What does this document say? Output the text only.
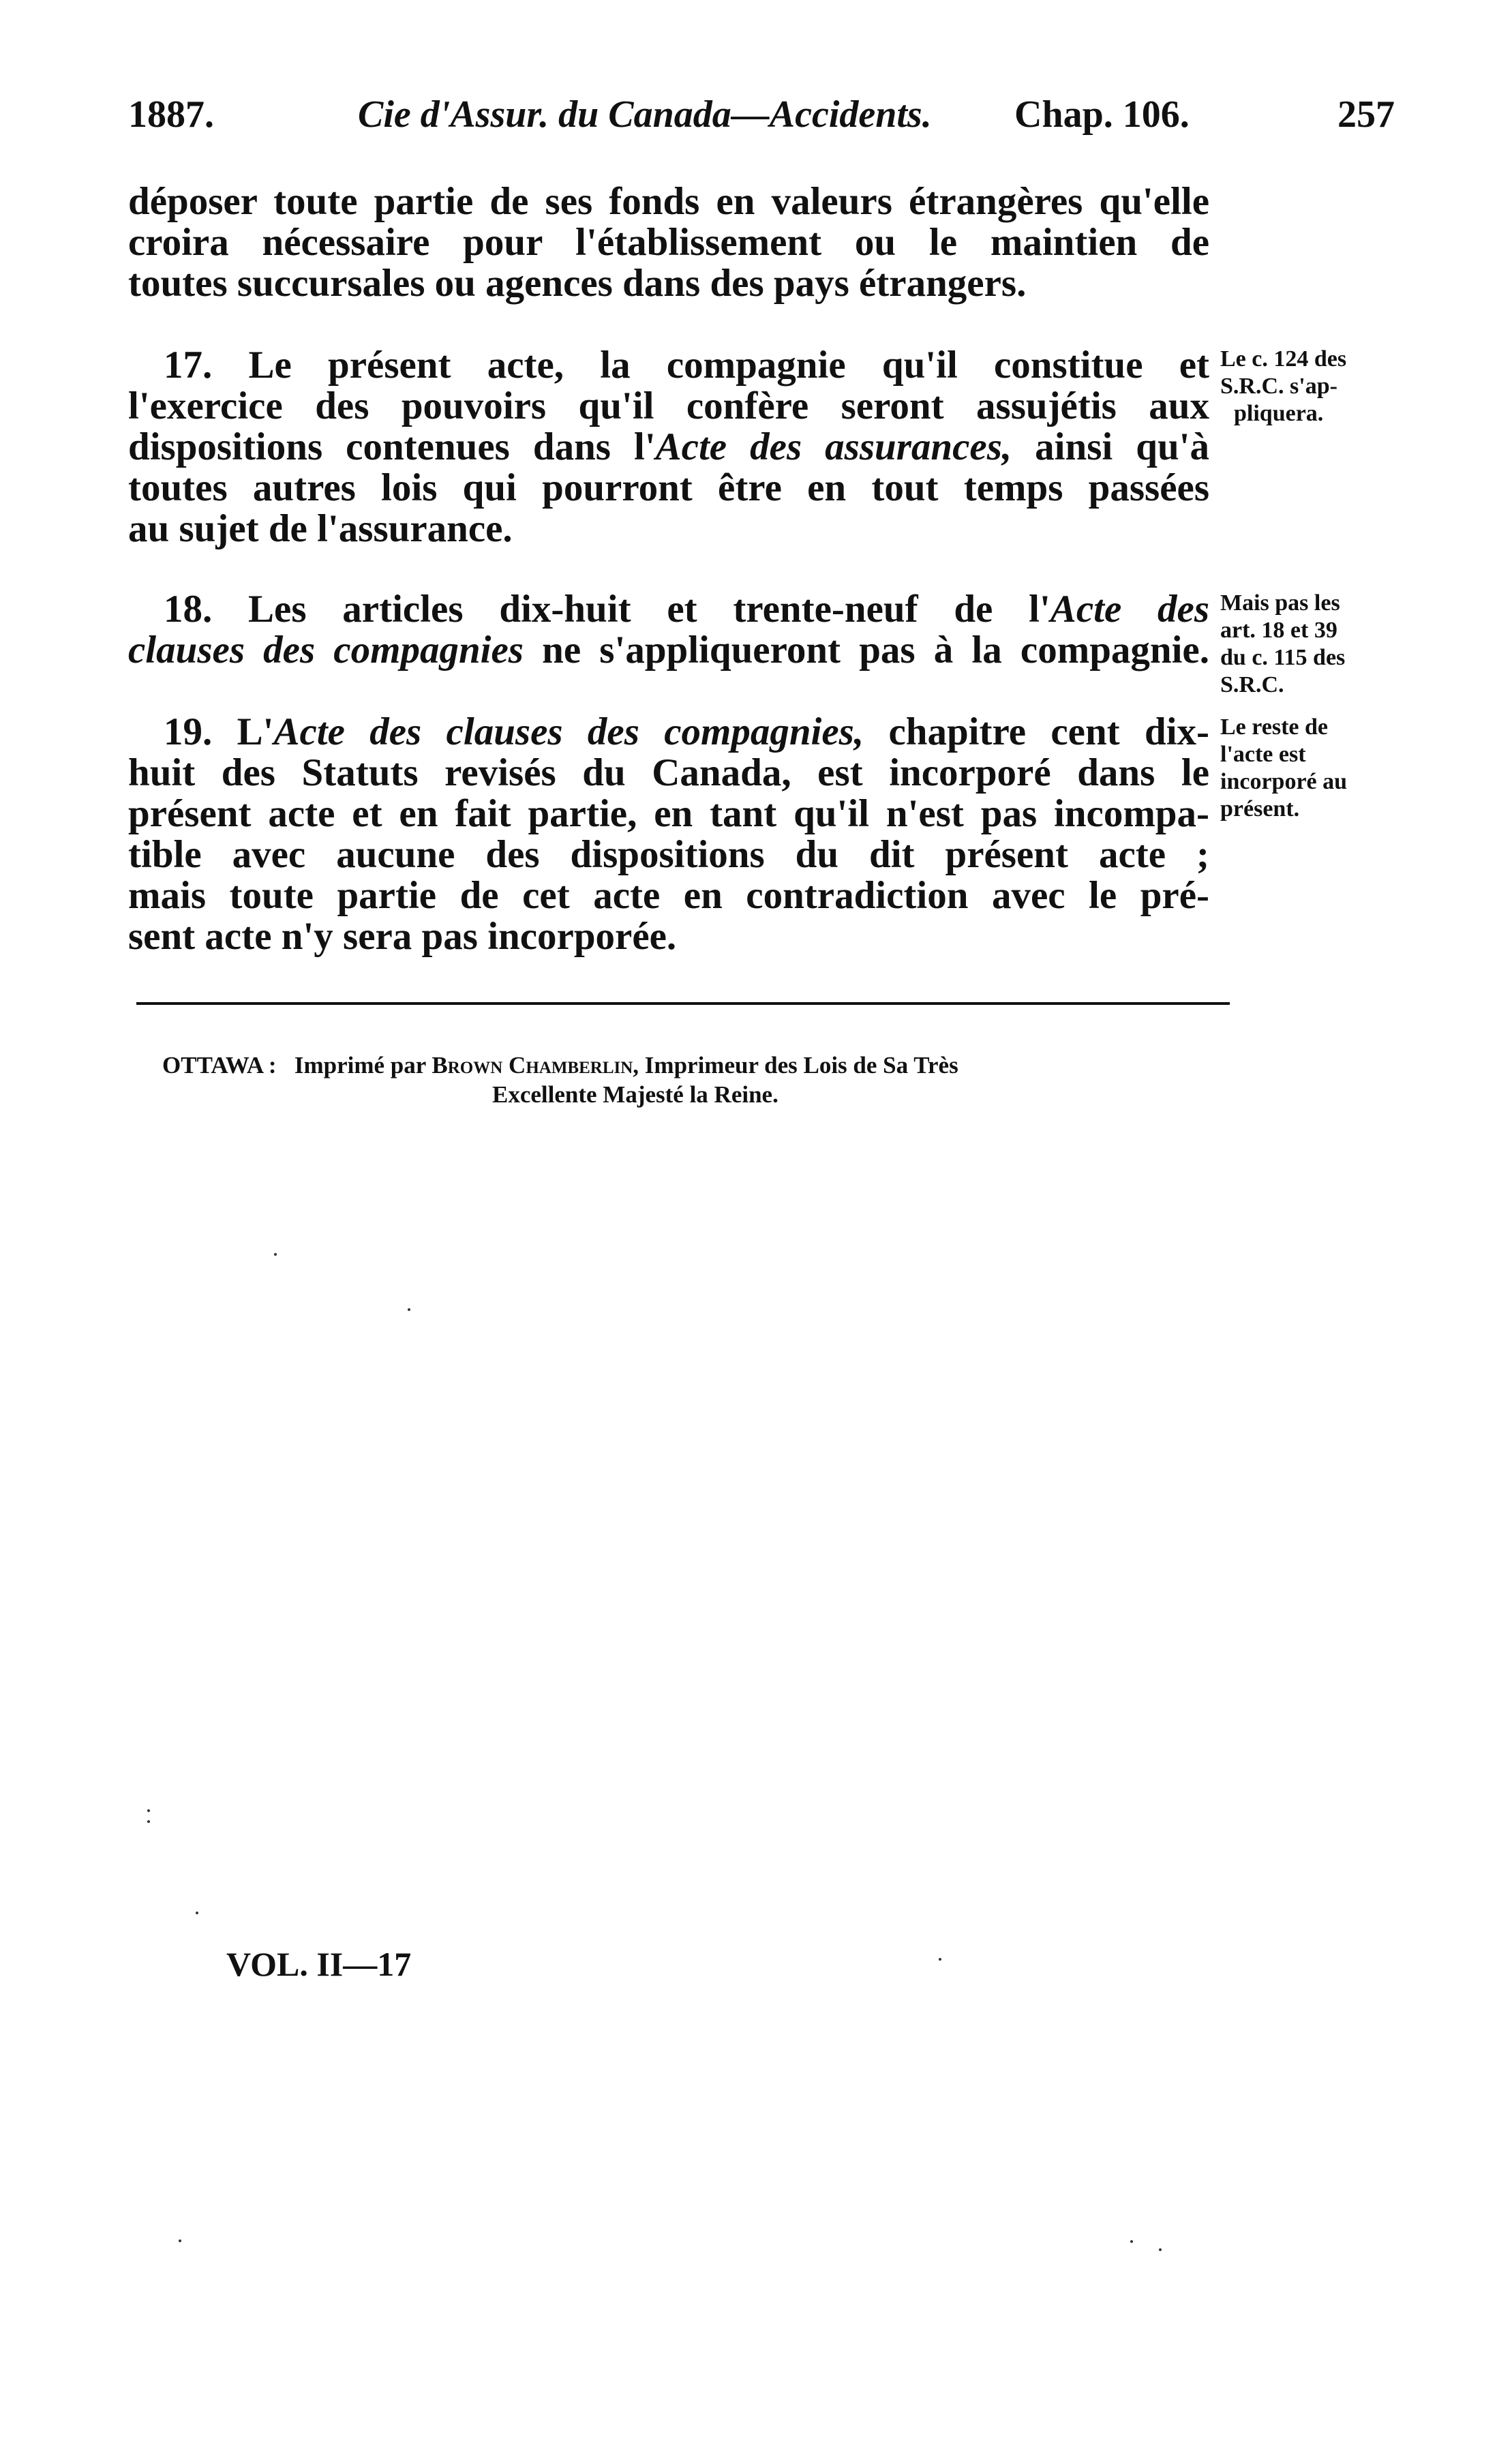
1887.	Cie d'Assur. du Canada—Accidents. Chap. 106.	257
déposer toute partie de ses fonds en valeurs étrangères qu'elle
croira nécessaire pour l'établissement ou le maintien de
toutes succursales ou agences dans des pays étrangers.
17. Le présent acte, la compagnie qu'il constitue et
l'exercice des pouvoirs qu'il confère seront assujétis aux
dispositions contenues dans l'Acte des assurances, ainsi qu'à
toutes autres lois qui pourront être en tout temps passées
au sujet de l'assurance.
18. Les articles dix-huit et trente-neuf de l'Acte des
clauses des compagnies ne s'appliqueront pas à la compagnie.
19. L'Acte des clauses des compagnies, chapitre cent dix-
huit des Statuts revisés du Canada, est incorporé dans le
présent acte et en fait partie, en tant qu'il n'est pas incompa-
tible avec aucune des dispositions du dit présent acte ;
mais toute partie de cet acte en contradiction avec le pré-
sent acte n'y sera pas incorporée.
Le c. 124 des
S.R.C. s'ap-
pliquera.
Mais pas les
art. 18 et 39
du c. 115 des
S.R.C.
Le reste de
l'acte est
incorporé au
présent.
OTTAWA : Imprimé par Brown Chamberlin, Imprimeur des Lois de Sa Très
Excellente Majesté la Reine.
VOL. II—17
